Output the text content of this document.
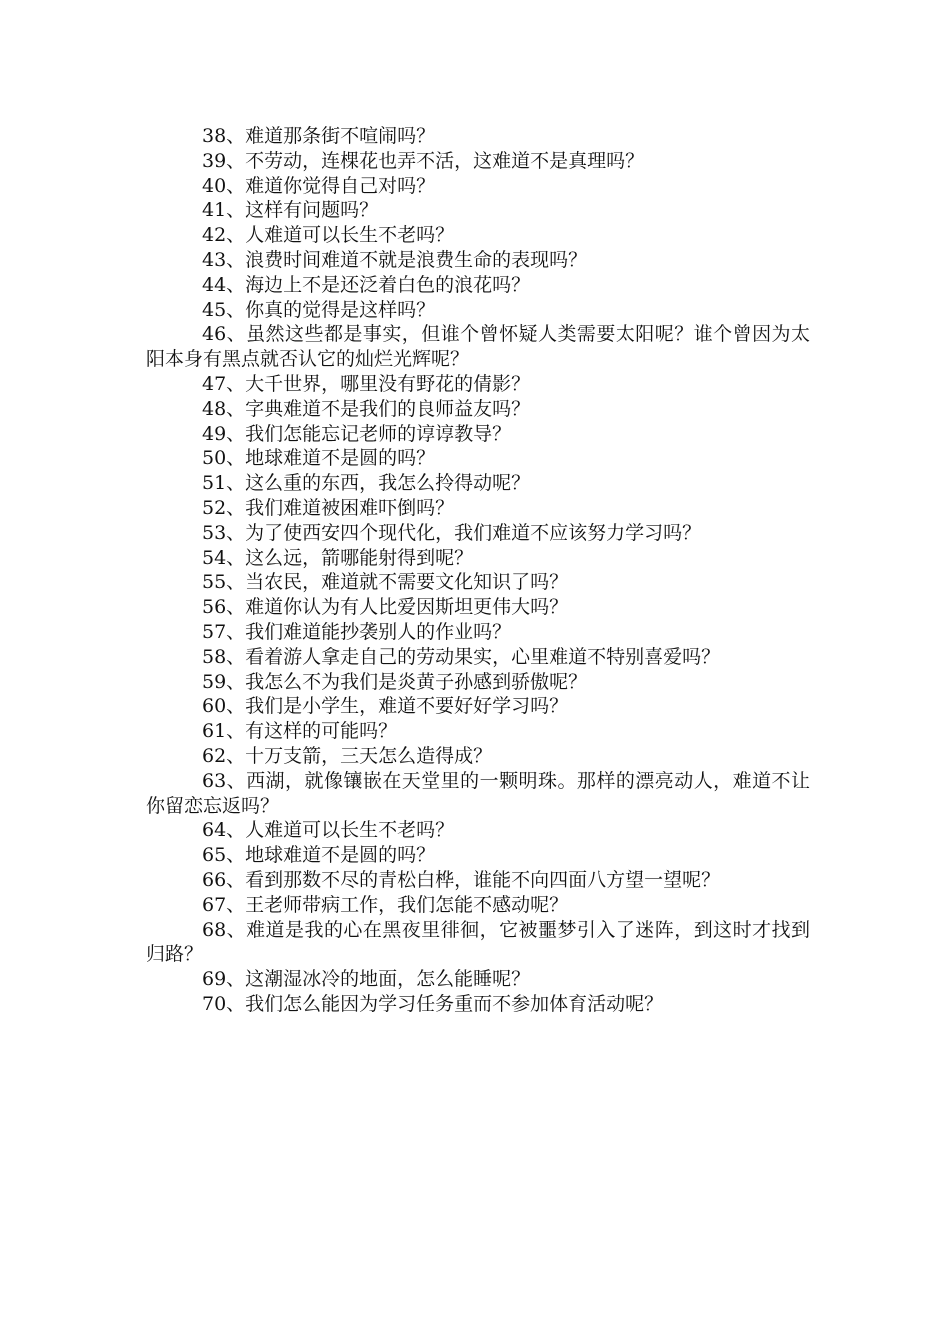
38、难道那条街不喧闹吗？

39、不劳动，连棵花也弄不活，这难道不是真理吗？

40、难道你觉得自己对吗？

41、这样有问题吗？

42、人难道可以长生不老吗？

43、浪费时间难道不就是浪费生命的表现吗？

44、海边上不是还泛着白色的浪花吗？

45、你真的觉得是这样吗？

46、虽然这些都是事实，但谁个曾怀疑人类需要太阳呢？谁个曾因为太阳本身有黑点就否认它的灿烂光辉呢？

47、大千世界，哪里没有野花的倩影？

48、字典难道不是我们的良师益友吗？

49、我们怎能忘记老师的谆谆教导？

50、地球难道不是圆的吗？

51、这么重的东西，我怎么拎得动呢？

52、我们难道被困难吓倒吗？

53、为了使西安四个现代化，我们难道不应该努力学习吗？

54、这么远，箭哪能射得到呢？

55、当农民，难道就不需要文化知识了吗？

56、难道你认为有人比爱因斯坦更伟大吗？

57、我们难道能抄袭别人的作业吗？

58、看着游人拿走自己的劳动果实，心里难道不特别喜爱吗？

59、我怎么不为我们是炎黄子孙感到骄傲呢？

60、我们是小学生，难道不要好好学习吗？

61、有这样的可能吗？

62、十万支箭，三天怎么造得成？

63、西湖，就像镶嵌在天堂里的一颗明珠。那样的漂亮动人，难道不让你留恋忘返吗？

64、人难道可以长生不老吗？

65、地球难道不是圆的吗？

66、看到那数不尽的青松白桦，谁能不向四面八方望一望呢？

67、王老师带病工作，我们怎能不感动呢？

68、难道是我的心在黑夜里徘徊，它被噩梦引入了迷阵，到这时才找到归路？

69、这潮湿冰冷的地面，怎么能睡呢？

70、我们怎么能因为学习任务重而不参加体育活动呢？
